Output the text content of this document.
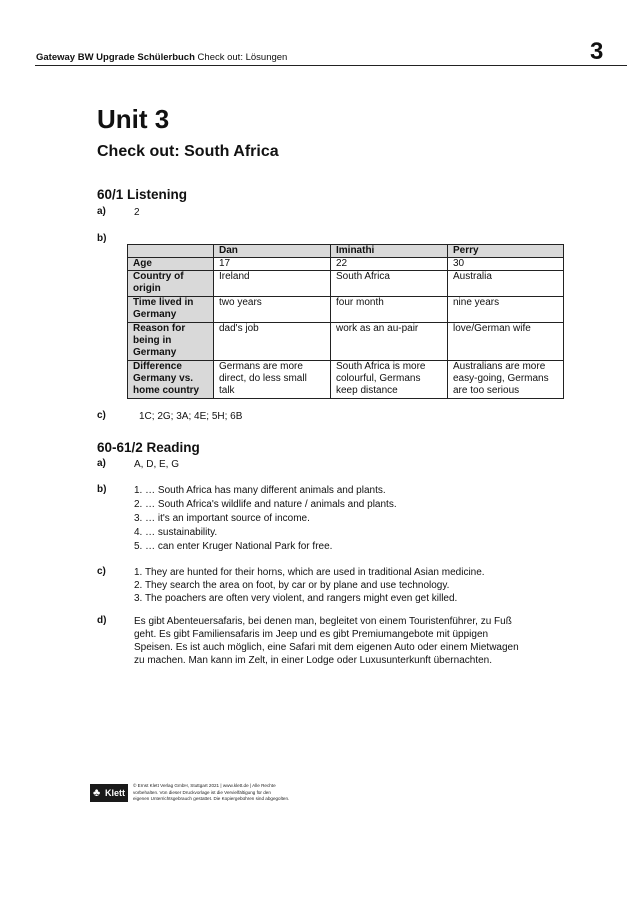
Gateway BW Upgrade Schülerbuch Check out: Lösungen	3
Unit 3
Check out: South Africa
60/1 Listening
a)	2
b)
	Dan	Iminathi	Perry
Age	17	22	30
Country of origin	Ireland	South Africa	Australia
Time lived in Germany	two years	four month	nine years
Reason for being in Germany	dad's job	work as an au-pair	love/German wife
Difference Germany vs. home country	Germans are more direct, do less small talk	South Africa is more colourful, Germans keep distance	Australians are more easy-going, Germans are too serious
c)	1C; 2G; 3A; 4E; 5H; 6B
60-61/2 Reading
a)	A, D, E, G
b)	1. … South Africa has many different animals and plants.
2. … South Africa's wildlife and nature / animals and plants.
3. … it's an important source of income.
4. … sustainability.
5. … can enter Kruger National Park for free.
c)	1. They are hunted for their horns, which are used in traditional Asian medicine.
2. They search the area on foot, by car or by plane and use technology.
3. The poachers are often very violent, and rangers might even get killed.
d)	Es gibt Abenteuersafaris, bei denen man, begleitet von einem Touristenführer, zu Fuß
geht. Es gibt Familiensafaris im Jeep und es gibt Premiumangebote mit üppigen
Speisen. Es ist auch möglich, eine Safari mit dem eigenen Auto oder einem Mietwagen
zu machen. Man kann im Zelt, in einer Lodge oder Luxusunterkunft übernachten.
♣ Klett
© Ernst Klett Verlag GmbH, Stuttgart 2021 | www.klett.de | Alle Rechte
vorbehalten. Von dieser Druckvorlage ist die Vervielfältigung für den
eigenen Unterrichtsgebrauch gestattet. Die Kopiergebühren sind abgegolten.
